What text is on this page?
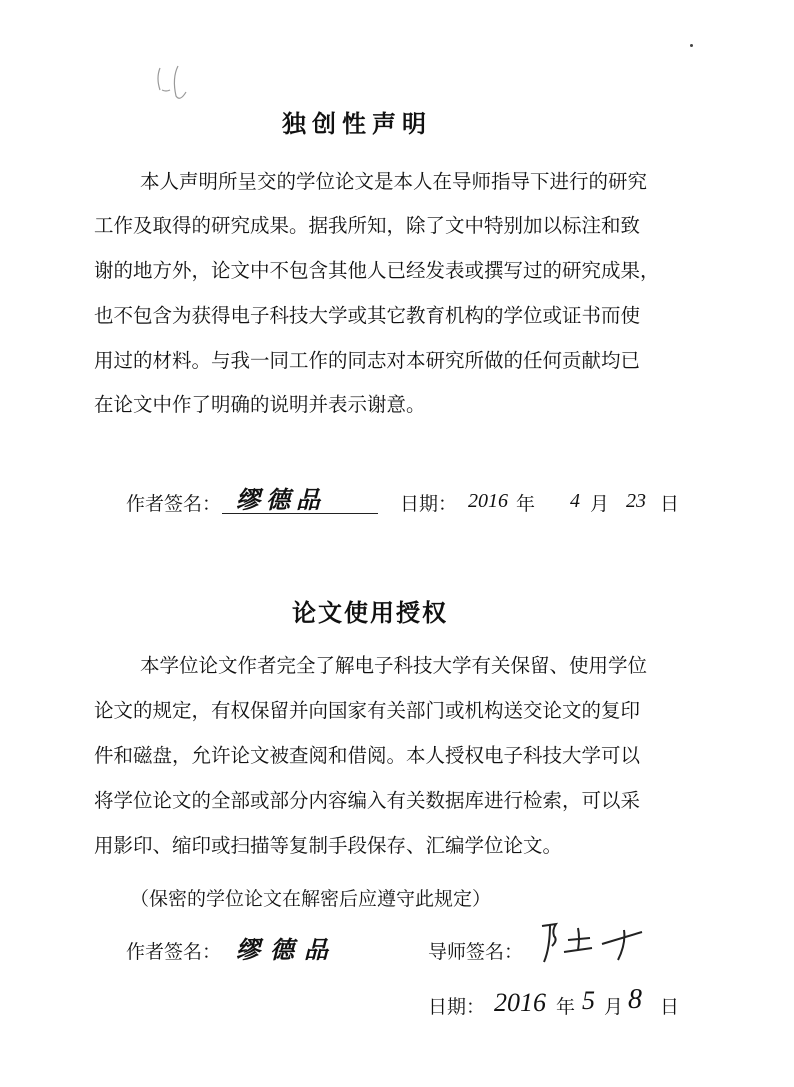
独创性声明
本人声明所呈交的学位论文是本人在导师指导下进行的研究
工作及取得的研究成果。据我所知，除了文中特别加以标注和致
谢的地方外，论文中不包含其他人已经发表或撰写过的研究成果，
也不包含为获得电子科技大学或其它教育机构的学位或证书而使
用过的材料。与我一同工作的同志对本研究所做的任何贡献均已
在论文中作了明确的说明并表示谢意。
作者签名： 缪德品	日期： 2016 年 4 月 23 日
论文使用授权
本学位论文作者完全了解电子科技大学有关保留、使用学位
论文的规定，有权保留并向国家有关部门或机构送交论文的复印
件和磁盘，允许论文被查阅和借阅。本人授权电子科技大学可以
将学位论文的全部或部分内容编入有关数据库进行检索，可以采
用影印、缩印或扫描等复制手段保存、汇编学位论文。
（保密的学位论文在解密后应遵守此规定）
作者签名： 缪德品	导师签名：
日期： 2016 年 5 月 8 日
